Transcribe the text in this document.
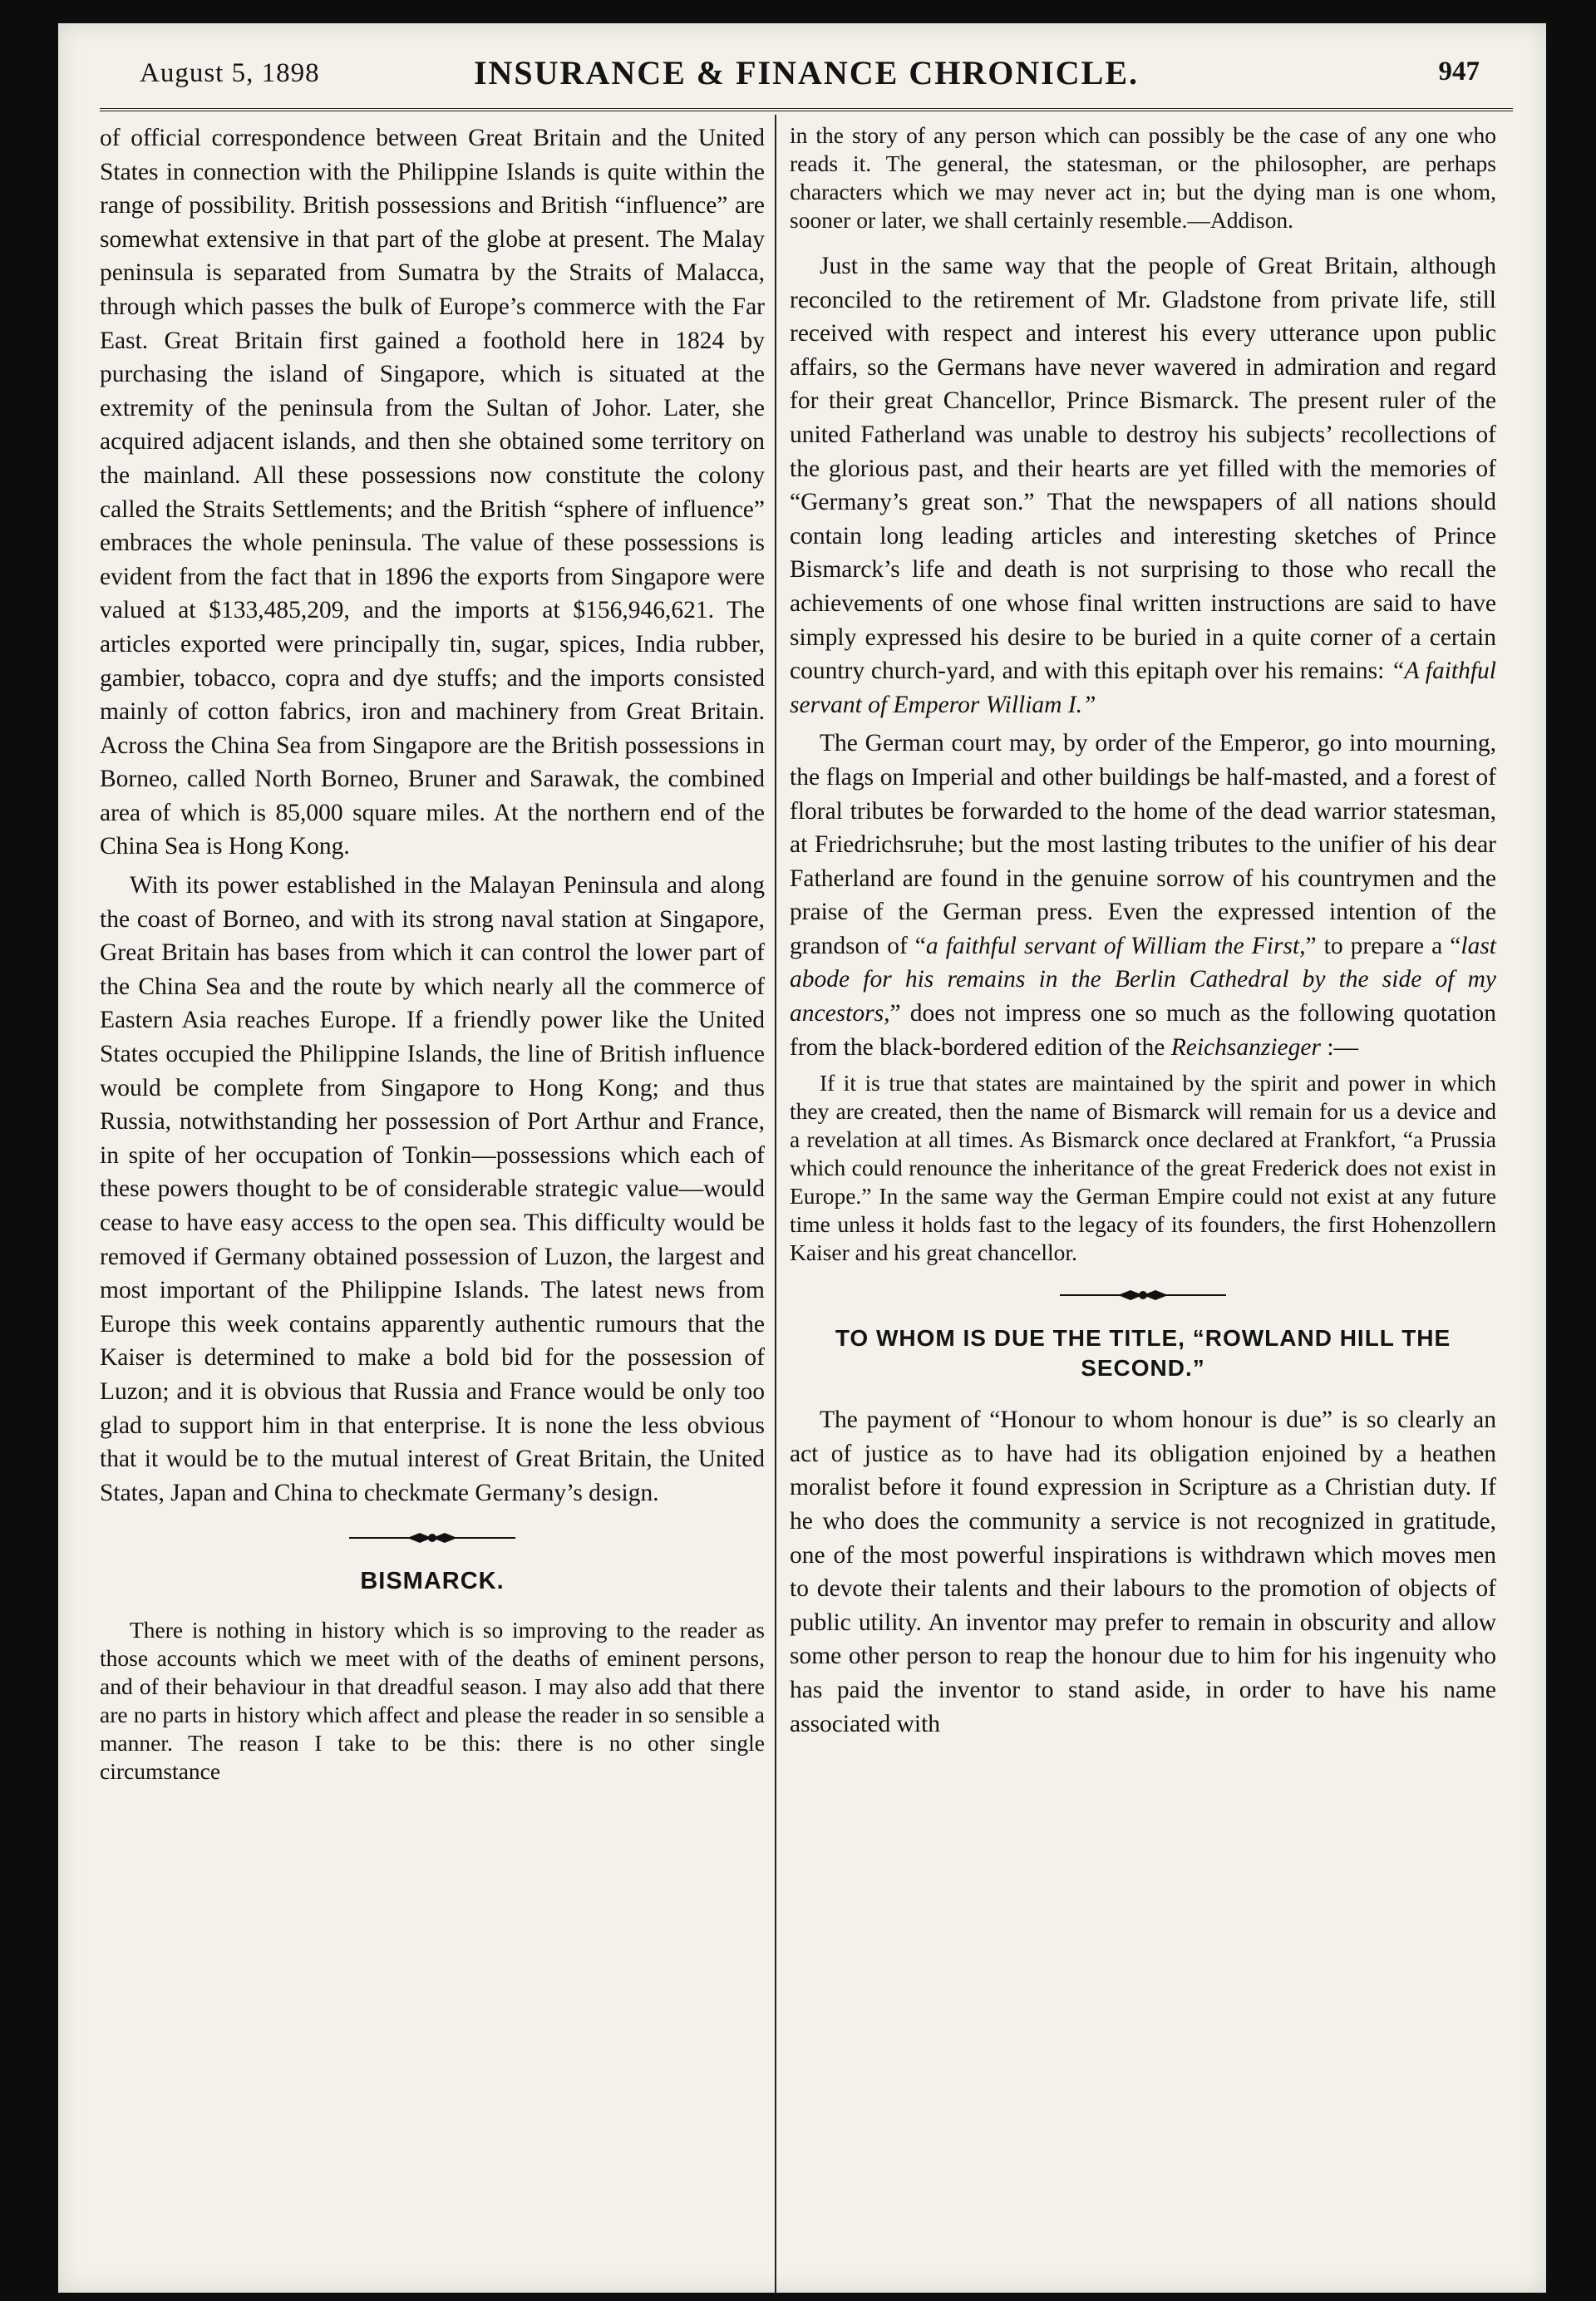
August 5, 1898	INSURANCE & FINANCE CHRONICLE.	947

of official correspondence between Great Britain and the United States in connection with the Philippine Islands is quite within the range of possibility. British possessions and British “influence” are somewhat extensive in that part of the globe at present. The Malay peninsula is separated from Sumatra by the Straits of Malacca, through which passes the bulk of Europe’s commerce with the Far East. Great Britain first gained a foothold here in 1824 by purchasing the island of Singapore, which is situated at the extremity of the peninsula from the Sultan of Johor. Later, she acquired adjacent islands, and then she obtained some territory on the mainland. All these possessions now constitute the colony called the Straits Settlements; and the British “sphere of influence” embraces the whole peninsula. The value of these possessions is evident from the fact that in 1896 the exports from Singapore were valued at $133,485,209, and the imports at $156,946,621. The articles exported were principally tin, sugar, spices, India rubber, gambier, tobacco, copra and dye stuffs; and the imports consisted mainly of cotton fabrics, iron and machinery from Great Britain. Across the China Sea from Singapore are the British possessions in Borneo, called North Borneo, Bruner and Sarawak, the combined area of which is 85,000 square miles. At the northern end of the China Sea is Hong Kong.

With its power established in the Malayan Peninsula and along the coast of Borneo, and with its strong naval station at Singapore, Great Britain has bases from which it can control the lower part of the China Sea and the route by which nearly all the commerce of Eastern Asia reaches Europe. If a friendly power like the United States occupied the Philippine Islands, the line of British influence would be complete from Singapore to Hong Kong; and thus Russia, notwithstanding her possession of Port Arthur and France, in spite of her occupation of Tonkin—possessions which each of these powers thought to be of considerable strategic value—would cease to have easy access to the open sea. This difficulty would be removed if Germany obtained possession of Luzon, the largest and most important of the Philippine Islands. The latest news from Europe this week contains apparently authentic rumours that the Kaiser is determined to make a bold bid for the possession of Luzon; and it is obvious that Russia and France would be only too glad to support him in that enterprise. It is none the less obvious that it would be to the mutual interest of Great Britain, the United States, Japan and China to checkmate Germany’s design.

BISMARCK.

There is nothing in history which is so improving to the reader as those accounts which we meet with of the deaths of eminent persons, and of their behaviour in that dreadful season. I may also add that there are no parts in history which affect and please the reader in so sensible a manner. The reason I take to be this: there is no other single circumstance

in the story of any person which can possibly be the case of any one who reads it. The general, the statesman, or the philosopher, are perhaps characters which we may never act in; but the dying man is one whom, sooner or later, we shall certainly resemble.—Addison.

Just in the same way that the people of Great Britain, although reconciled to the retirement of Mr. Gladstone from private life, still received with respect and interest his every utterance upon public affairs, so the Germans have never wavered in admiration and regard for their great Chancellor, Prince Bismarck. The present ruler of the united Fatherland was unable to destroy his subjects’ recollections of the glorious past, and their hearts are yet filled with the memories of “Germany’s great son.” That the newspapers of all nations should contain long leading articles and interesting sketches of Prince Bismarck’s life and death is not surprising to those who recall the achievements of one whose final written instructions are said to have simply expressed his desire to be buried in a quite corner of a certain country church-yard, and with this epitaph over his remains: “A faithful servant of Emperor William I.”

The German court may, by order of the Emperor, go into mourning, the flags on Imperial and other buildings be half-masted, and a forest of floral tributes be forwarded to the home of the dead warrior statesman, at Friedrichsruhe; but the most lasting tributes to the unifier of his dear Fatherland are found in the genuine sorrow of his countrymen and the praise of the German press. Even the expressed intention of the grandson of “a faithful servant of William the First,” to prepare a “last abode for his remains in the Berlin Cathedral by the side of my ancestors,” does not impress one so much as the following quotation from the black-bordered edition of the Reichsanzieger :—

If it is true that states are maintained by the spirit and power in which they are created, then the name of Bismarck will remain for us a device and a revelation at all times. As Bismarck once declared at Frankfort, “a Prussia which could renounce the inheritance of the great Frederick does not exist in Europe.” In the same way the German Empire could not exist at any future time unless it holds fast to the legacy of its founders, the first Hohenzollern Kaiser and his great chancellor.

TO WHOM IS DUE THE TITLE, “ROWLAND HILL THE SECOND.”

The payment of “Honour to whom honour is due” is so clearly an act of justice as to have had its obligation enjoined by a heathen moralist before it found expression in Scripture as a Christian duty. If he who does the community a service is not recognized in gratitude, one of the most powerful inspirations is withdrawn which moves men to devote their talents and their labours to the promotion of objects of public utility. An inventor may prefer to remain in obscurity and allow some other person to reap the honour due to him for his ingenuity who has paid the inventor to stand aside, in order to have his name associated with
